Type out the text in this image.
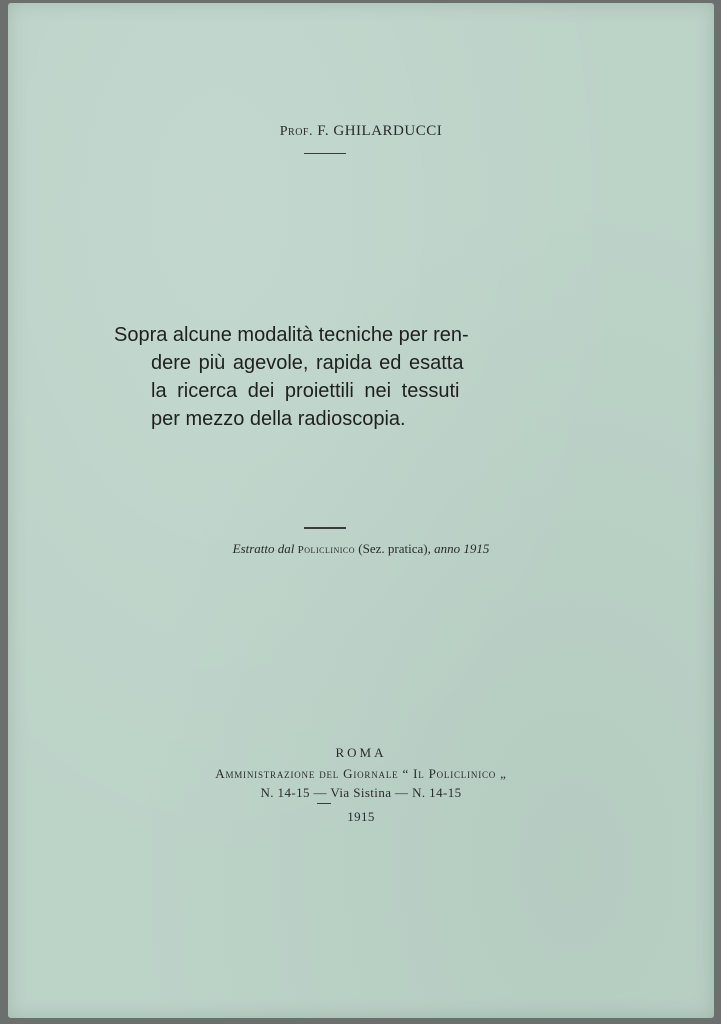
Prof. F. GHILARDUCCI
Sopra alcune modalità tecniche per ren-
dere più agevole, rapida ed esatta
la ricerca dei proiettili nei tessuti
per mezzo della radioscopia.
Estratto dal Policlinico (Sez. pratica), anno 1915
ROMA
Amministrazione del Giornale “ Il Policlinico „
N. 14-15 — Via Sistina — N. 14-15
1915
